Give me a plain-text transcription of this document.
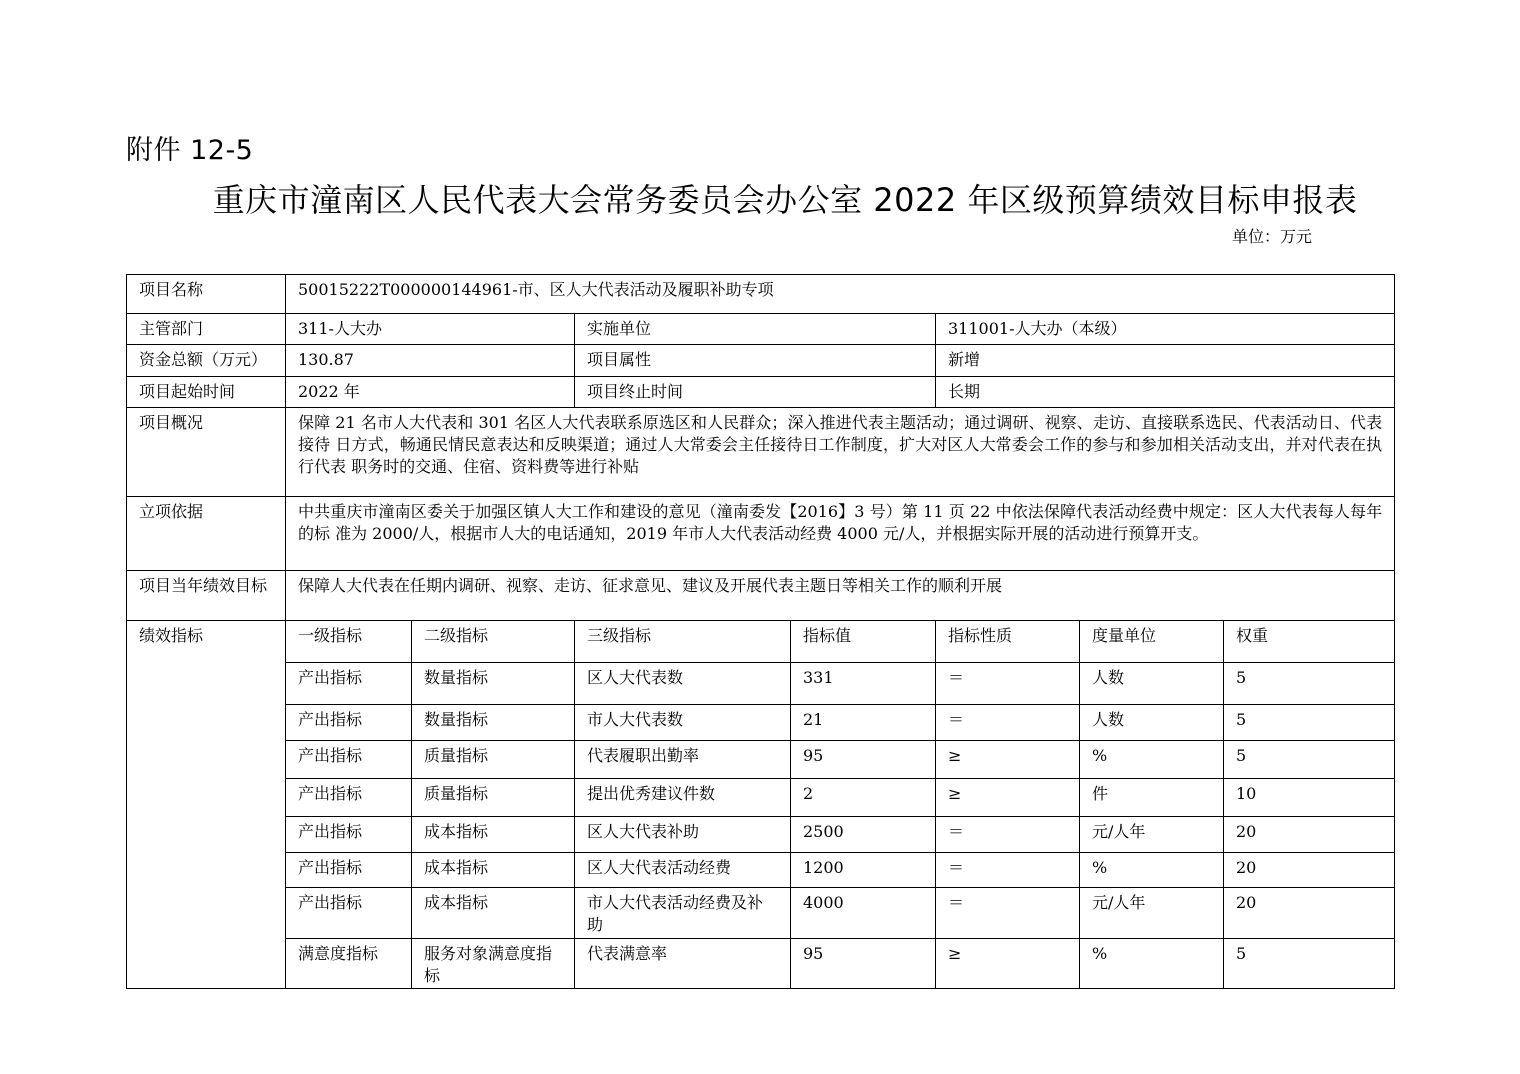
附件 12-5
重庆市潼南区人民代表大会常务委员会办公室 2022 年区级预算绩效目标申报表
单位：万元
项目名称	50015222T000000144961-市、区人大代表活动及履职补助专项						
主管部门	311-人大办		实施单位		311001-人大办（本级）		
资金总额（万元）	130.87		项目属性		新增		
项目起始时间	2022 年		项目终止时间		长期		
项目概况	保障 21 名市人大代表和 301 名区人大代表联系原选区和人民群众；深入推进代表主题活动；通过调研、视察、走访、直接联系选民、代表活动日、代表接待 日方式，畅通民情民意表达和反映渠道；通过人大常委会主任接待日工作制度，扩大对区人大常委会工作的参与和参加相关活动支出，并对代表在执行代表 职务时的交通、住宿、资料费等进行补贴						
立项依据	中共重庆市潼南区委关于加强区镇人大工作和建设的意见（潼南委发【2016】3 号）第 11 页 22 中依法保障代表活动经费中规定：区人大代表每人每年的标 准为 2000/人，根据市人大的电话通知，2019 年市人大代表活动经费 4000 元/人，并根据实际开展的活动进行预算开支。						
项目当年绩效目标	保障人大代表在任期内调研、视察、走访、征求意见、建议及开展代表主题日等相关工作的顺利开展						
绩效指标	一级指标	二级指标	三级指标	指标值	指标性质	度量单位	权重
	产出指标	数量指标	区人大代表数	331	＝	人数	5
	产出指标	数量指标	市人大代表数	21	＝	人数	5
	产出指标	质量指标	代表履职出勤率	95	≥	%	5
	产出指标	质量指标	提出优秀建议件数	2	≥	件	10
	产出指标	成本指标	区人大代表补助	2500	＝	元/人年	20
	产出指标	成本指标	区人大代表活动经费	1200	＝	%	20
	产出指标	成本指标	市人大代表活动经费及补助	4000	＝	元/人年	20
	满意度指标	服务对象满意度指标	代表满意率	95	≥	%	5
